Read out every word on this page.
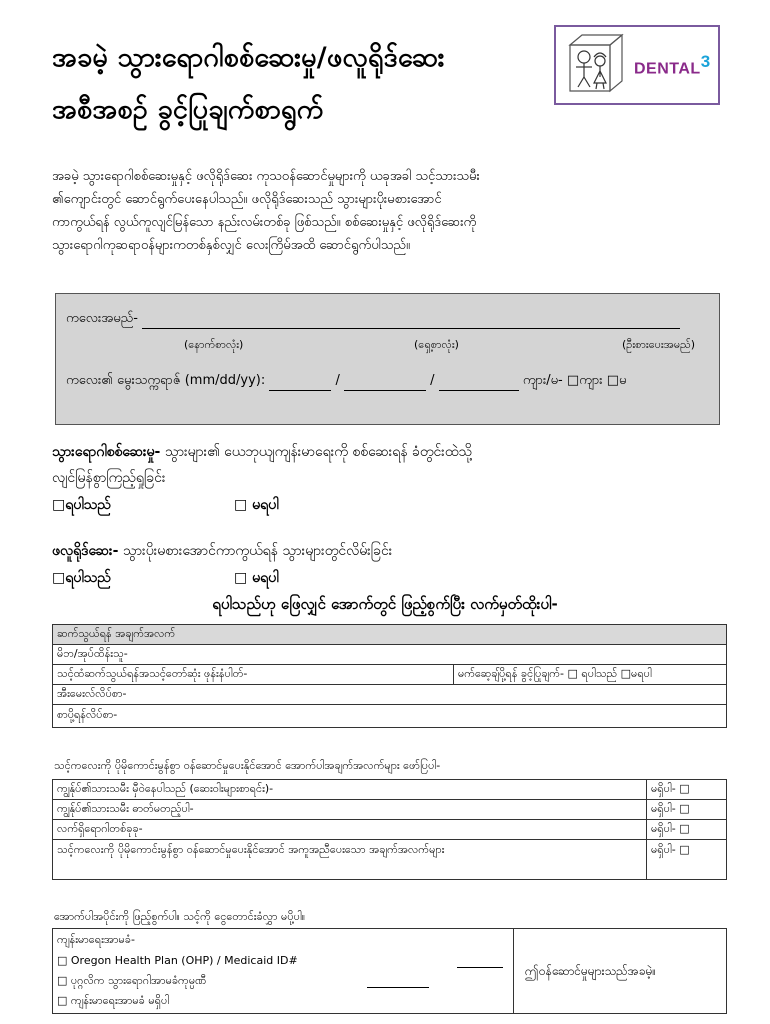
အခမဲ့ သွားရောဂါစစ်ဆေးမှု/ဖလူရိုဒ်ဆေး
အစီအစဉ် ခွင့်ပြုချက်စာရွက်
DENTAL$^3$

အခမဲ့ သွားရောဂါစစ်ဆေးမှုနှင့် ဖလိုရိုဒ်ဆေး ကုသဝန်ဆောင်မှုများကို ယခုအခါ သင့်သားသမီး

၏ကျောင်းတွင် ဆောင်ရွက်ပေးနေပါသည်။ ဖလိုရိုဒ်ဆေးသည် သွားများပိုးမစားအောင်

ကာကွယ်ရန် လွယ်ကူလျင်မြန်သော နည်းလမ်းတစ်ခု ဖြစ်သည်။ စစ်ဆေးမှုနှင့် ဖလိုရိုဒ်ဆေးကို

သွားရောဂါကုဆရာဝန်များကတစ်နှစ်လျှင် လေးကြိမ်အထိ ဆောင်ရွက်ပါသည်။

ကလေးအမည်-
(နောက်စာလုံး)	(ရှေ့စာလုံး)	(ဦးစားပေးအမည်)
ကလေး၏ မွေးသက္ကရာဇ် (mm/dd/yy):	/	/	ကျား/မ- □ကျား □မ
သွားရောဂါစစ်ဆေးမှု- သွားများ၏ ယေဘုယျကျန်းမာရေးကို စစ်ဆေးရန် ခံတွင်းထဲသို့
လျင်မြန်စွာကြည့်ရှုခြင်း
□ရပါသည်	□ မရပါ
ဖလူရိုဒ်ဆေး- သွားပိုးမစားအောင်ကာကွယ်ရန် သွားများတွင်လိမ်းခြင်း
□ရပါသည်	□ မရပါ
ရပါသည်ဟု ဖြေလျှင် အောက်တွင် ဖြည့်စွက်ပြီး လက်မှတ်ထိုးပါ-
ဆက်သွယ်ရန် အချက်အလက်
မိဘ/အုပ်ထိန်းသူ-
သင့်ထံဆက်သွယ်ရန်အသင့်တော်ဆုံး ဖုန်းနံပါတ်-	မက်ဆေ့ချ်ပို့ရန် ခွင့်ပြုချက်- □ ရပါသည် □မရပါ
အီးမေးလ်လိပ်စာ-
စာပို့ရန်လိပ်စာ-
သင့်ကလေးကို ပိုမိုကောင်းမွန်စွာ ဝန်ဆောင်မှုပေးနိုင်အောင် အောက်ပါအချက်အလက်များ ဖော်ပြပါ-
ကျွန်ုပ်၏သားသမီး မှီဝဲနေပါသည် (ဆေးဝါးများစာရင်း)-	မရှိပါ- □
ကျွန်ုပ်၏သားသမီး ဓာတ်မတည့်ပါ-	မရှိပါ- □
လက်ရှိရောဂါတစ်ခုခု-	မရှိပါ- □
သင့်ကလေးကို ပိုမိုကောင်းမွန်စွာ ဝန်ဆောင်မှုပေးနိုင်အောင် အကူအညီပေးသော အချက်အလက်များ	မရှိပါ- □
အောက်ပါအပိုင်းကို ဖြည့်စွက်ပါ။ သင့်ကို ငွေတောင်းခံလွှာ မပို့ပါ။
ကျန်းမာရေးအာမခံ-
□ Oregon Health Plan (OHP) / Medicaid ID#
□ ပုဂ္ဂလိက သွားရောဂါအာမခံကုမ္ပဏီ
□ ကျန်းမာရေးအာမခံ မရှိပါ
ဤဝန်ဆောင်မှုများသည်အခမဲ့။
